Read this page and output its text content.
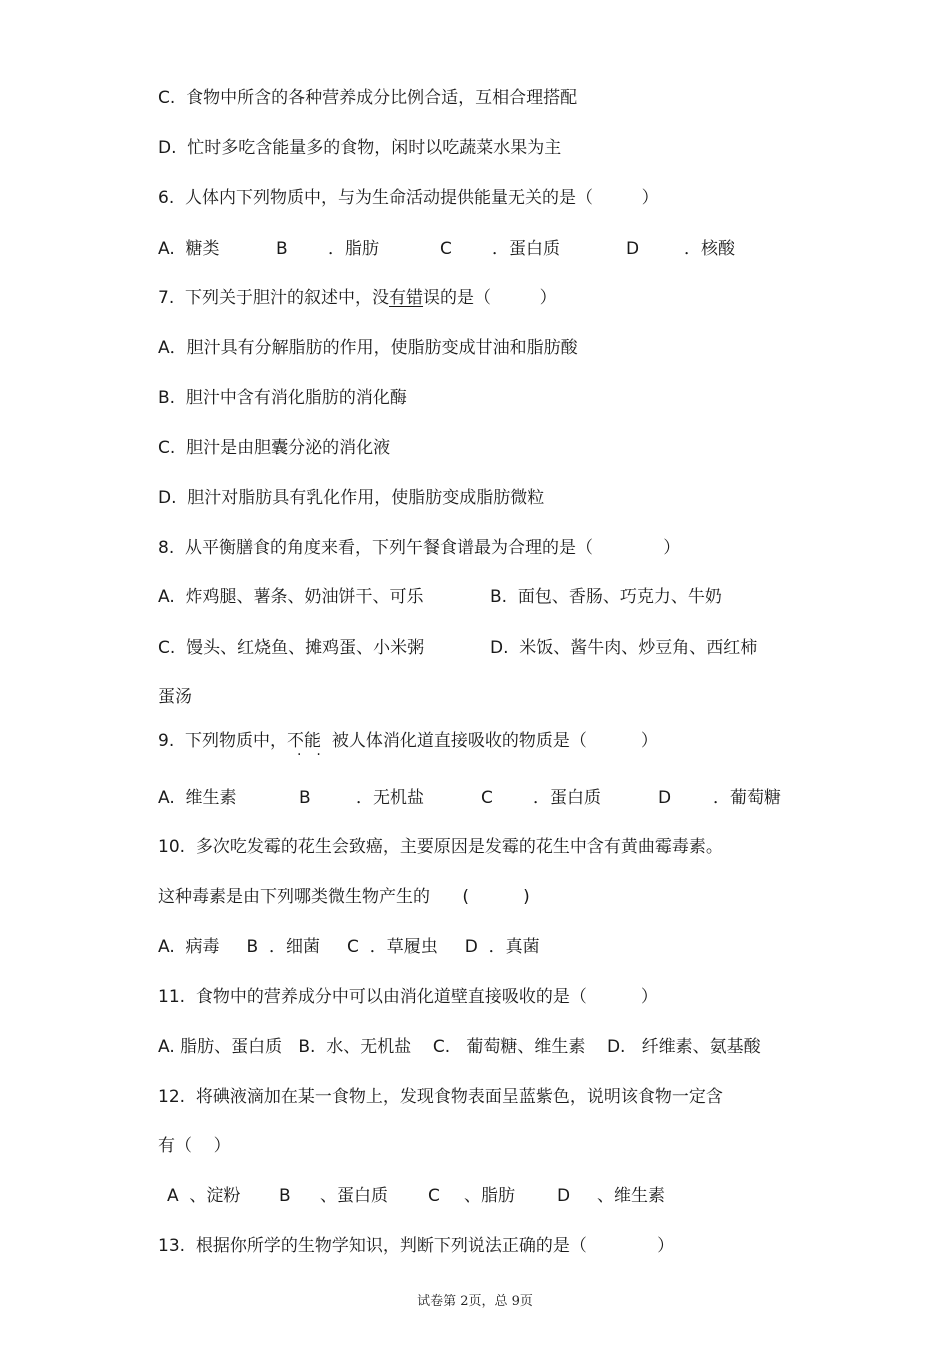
C.  食物中所含的各种营养成分比例合适，互相合理搭配
D.  忙时多吃含能量多的食物，闲时以吃蔬菜水果为主
6.  人体内下列物质中，与为生命活动提供能量无关的是（         ）
A.  糖类	B ．脂肪	C ．蛋白质	D	．核酸
7.  下列关于胆汁的叙述中，没有错误的是（         ）
A．胆汁具有分解脂肪的作用，使脂肪变成甘油和脂肪酸
B.  胆汁中含有消化脂肪的消化酶
C.  胆汁是由胆囊分泌的消化液
D.  胆汁对脂肪具有乳化作用，使脂肪变成脂肪微粒
8.  从平衡膳食的角度来看，下列午餐食谱最为合理的是（             ）
A.  炸鸡腿、薯条、奶油饼干、可乐	B.  面包、香肠、巧克力、牛奶
C.  馒头、红烧鱼、摊鸡蛋、小米粥	D.  米饭、酱牛肉、炒豆角、西红柿
蛋汤
9.  下列物质中，不能 ·  ·  被人体消化道直接吸收的物质是（          ）
A.  维生素	B	．无机盐	C ．蛋白质	D ．葡萄糖
10.  多次吃发霉的花生会致癌，主要原因是发霉的花生中含有黄曲霉毒素。
这种毒素是由下列哪类微生物产生的      (          )
A.  病毒     B  ．细菌     C  ．草履虫     D  ．真菌
11.  食物中的营养成分中可以由消化道壁直接吸收的是（          ）
A. 脂肪、蛋白质   B.  水、无机盐    C.   葡萄糖、维生素    D.   纤维素、氨基酸
12.  将碘液滴加在某一食物上，发现食物表面呈蓝紫色，说明该食物一定含
有（    ）
A  、淀粉 B 、蛋白质 C 、脂肪 D 、维生素
13.  根据你所学的生物学知识，判断下列说法正确的是（             ）
试卷第 2页，总 9页
